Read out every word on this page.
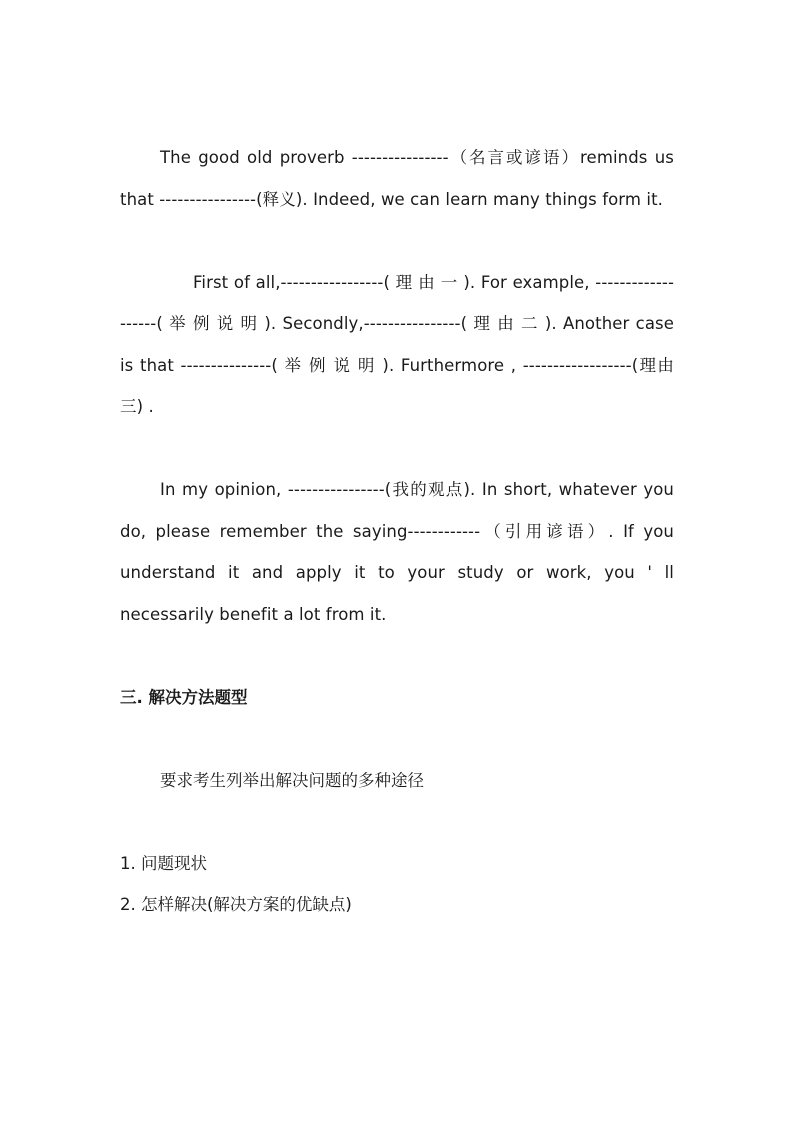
The good old proverb ----------------（名言或谚语）reminds us that ----------------(释义). Indeed, we can learn many things form it.

First of all,-----------------( 理 由 一 ). For example, -------------------( 举 例 说 明 ). Secondly,----------------( 理 由 二 ). Another case is that ---------------( 举 例 说 明 ). Furthermore , ------------------(理由三) .

In my opinion, ----------------(我的观点). In short, whatever you do, please remember the saying------------（引用谚语）. If you understand it and apply it to your study or work, you ' ll necessarily benefit a lot from it.

三. 解决方法题型

要求考生列举出解决问题的多种途径

1. 问题现状

2. 怎样解决(解决方案的优缺点)
